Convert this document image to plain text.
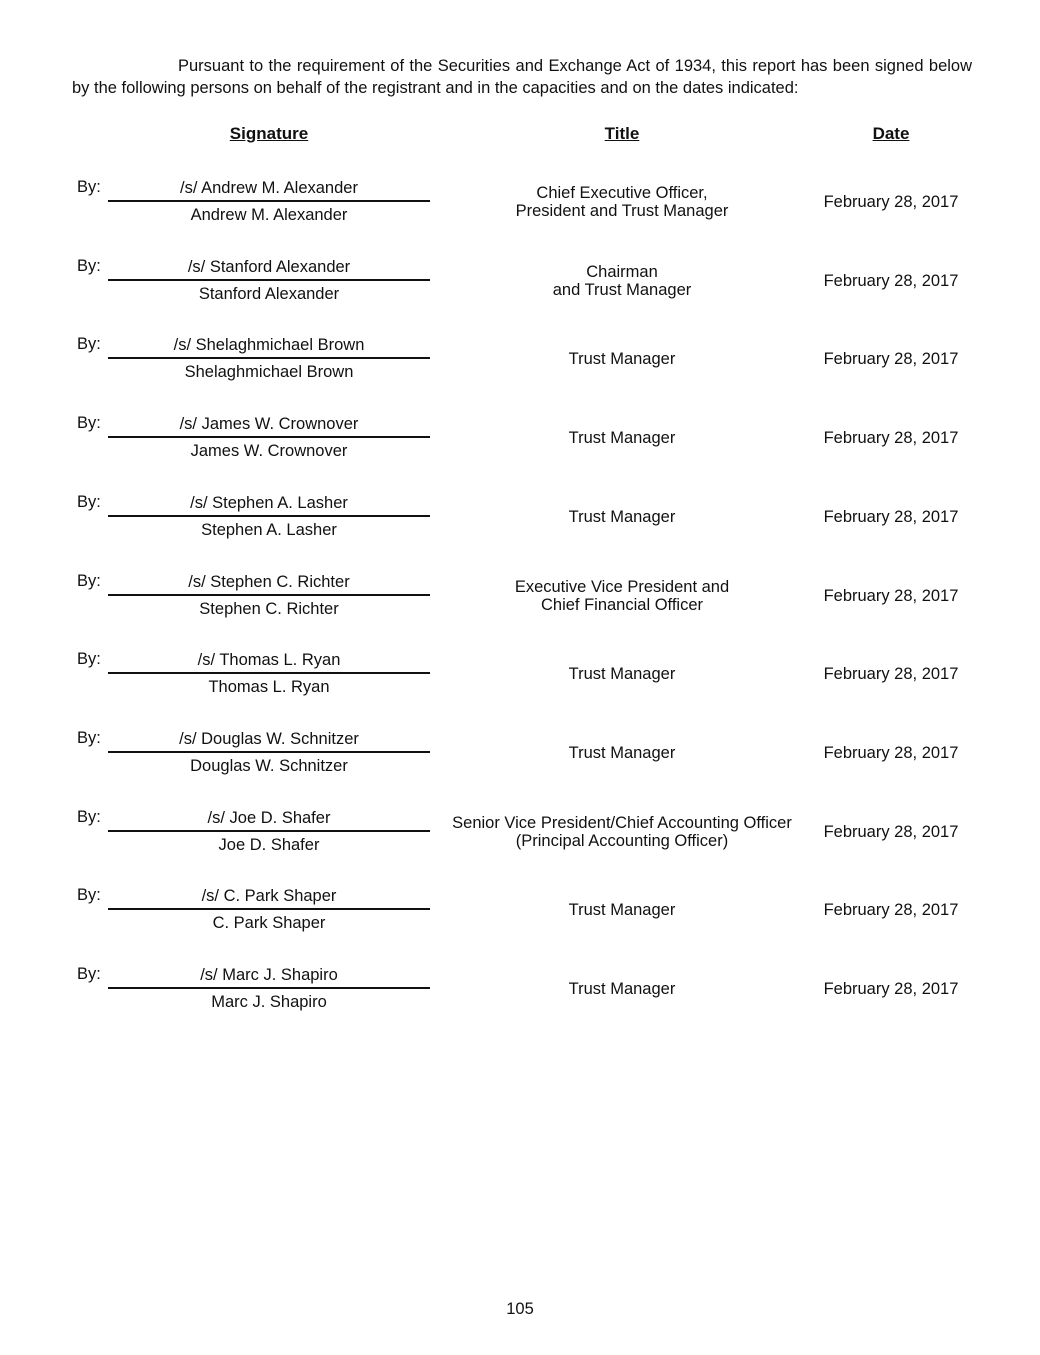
Pursuant to the requirement of the Securities and Exchange Act of 1934, this report has been signed below by the following persons on behalf of the registrant and in the capacities and on the dates indicated:
Signature	Title	Date
By:	/s/ Andrew M. Alexander
Andrew M. Alexander
Chief Executive Officer,
President and Trust Manager
February 28, 2017
By:	/s/ Stanford Alexander
Stanford Alexander
Chairman
and Trust Manager
February 28, 2017
By:	/s/ Shelaghmichael Brown
Shelaghmichael Brown
Trust Manager	February 28, 2017
By:	/s/ James W. Crownover
James W. Crownover
Trust Manager	February 28, 2017
By:	/s/ Stephen A. Lasher
Stephen A. Lasher
Trust Manager	February 28, 2017
By:	/s/ Stephen C. Richter
Stephen C. Richter
Executive Vice President and
Chief Financial Officer
February 28, 2017
By:	/s/ Thomas L. Ryan
Thomas L. Ryan
Trust Manager	February 28, 2017
By:	/s/ Douglas W. Schnitzer
Douglas W. Schnitzer
Trust Manager	February 28, 2017
By:	/s/ Joe D. Shafer
Joe D. Shafer
Senior Vice President/Chief Accounting Officer
(Principal Accounting Officer)
February 28, 2017
By:	/s/ C. Park Shaper
C. Park Shaper
Trust Manager	February 28, 2017
By:	/s/ Marc J. Shapiro
Marc J. Shapiro
Trust Manager	February 28, 2017
105
